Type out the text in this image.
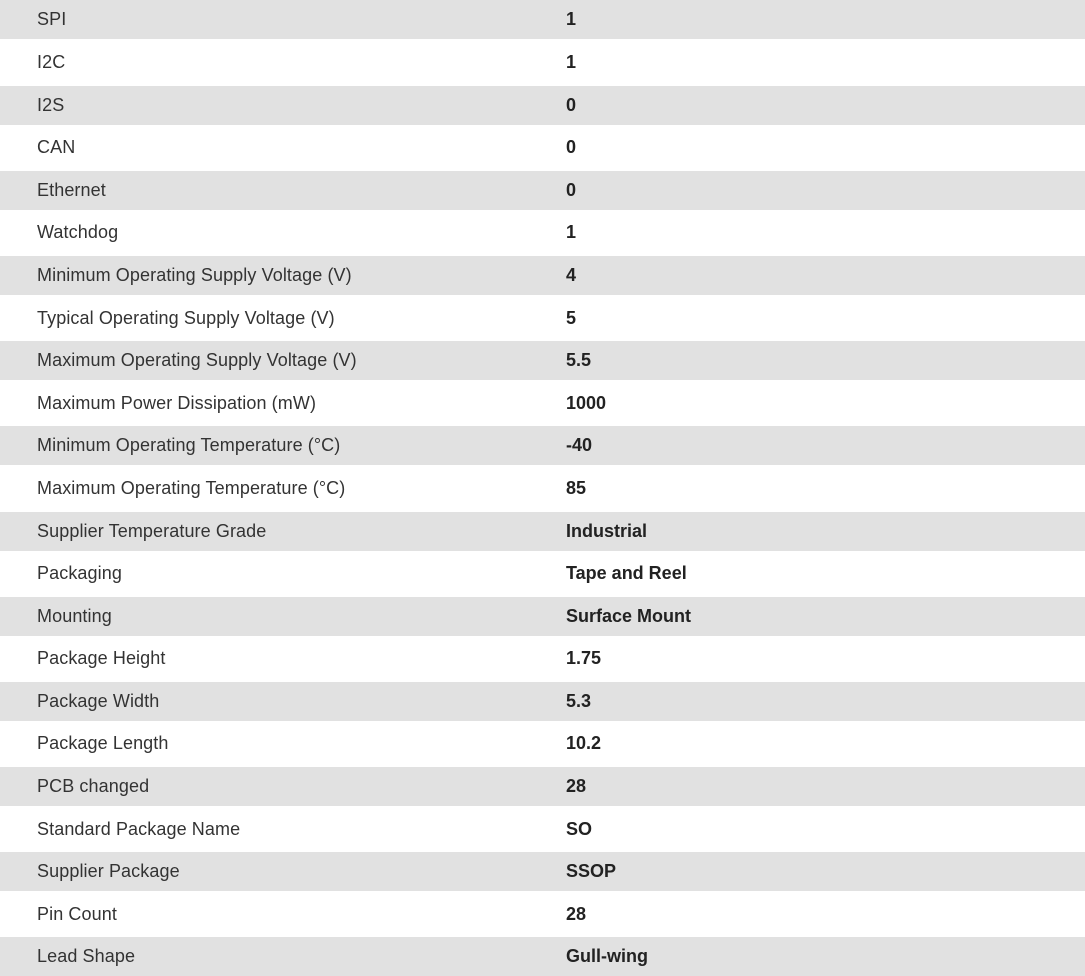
SPI	1
I2C	1
I2S	0
CAN	0
Ethernet	0
Watchdog	1
Minimum Operating Supply Voltage (V)	4
Typical Operating Supply Voltage (V)	5
Maximum Operating Supply Voltage (V)	5.5
Maximum Power Dissipation (mW)	1000
Minimum Operating Temperature (°C)	-40
Maximum Operating Temperature (°C)	85
Supplier Temperature Grade	Industrial
Packaging	Tape and Reel
Mounting	Surface Mount
Package Height	1.75
Package Width	5.3
Package Length	10.2
PCB changed	28
Standard Package Name	SO
Supplier Package	SSOP
Pin Count	28
Lead Shape	Gull-wing
